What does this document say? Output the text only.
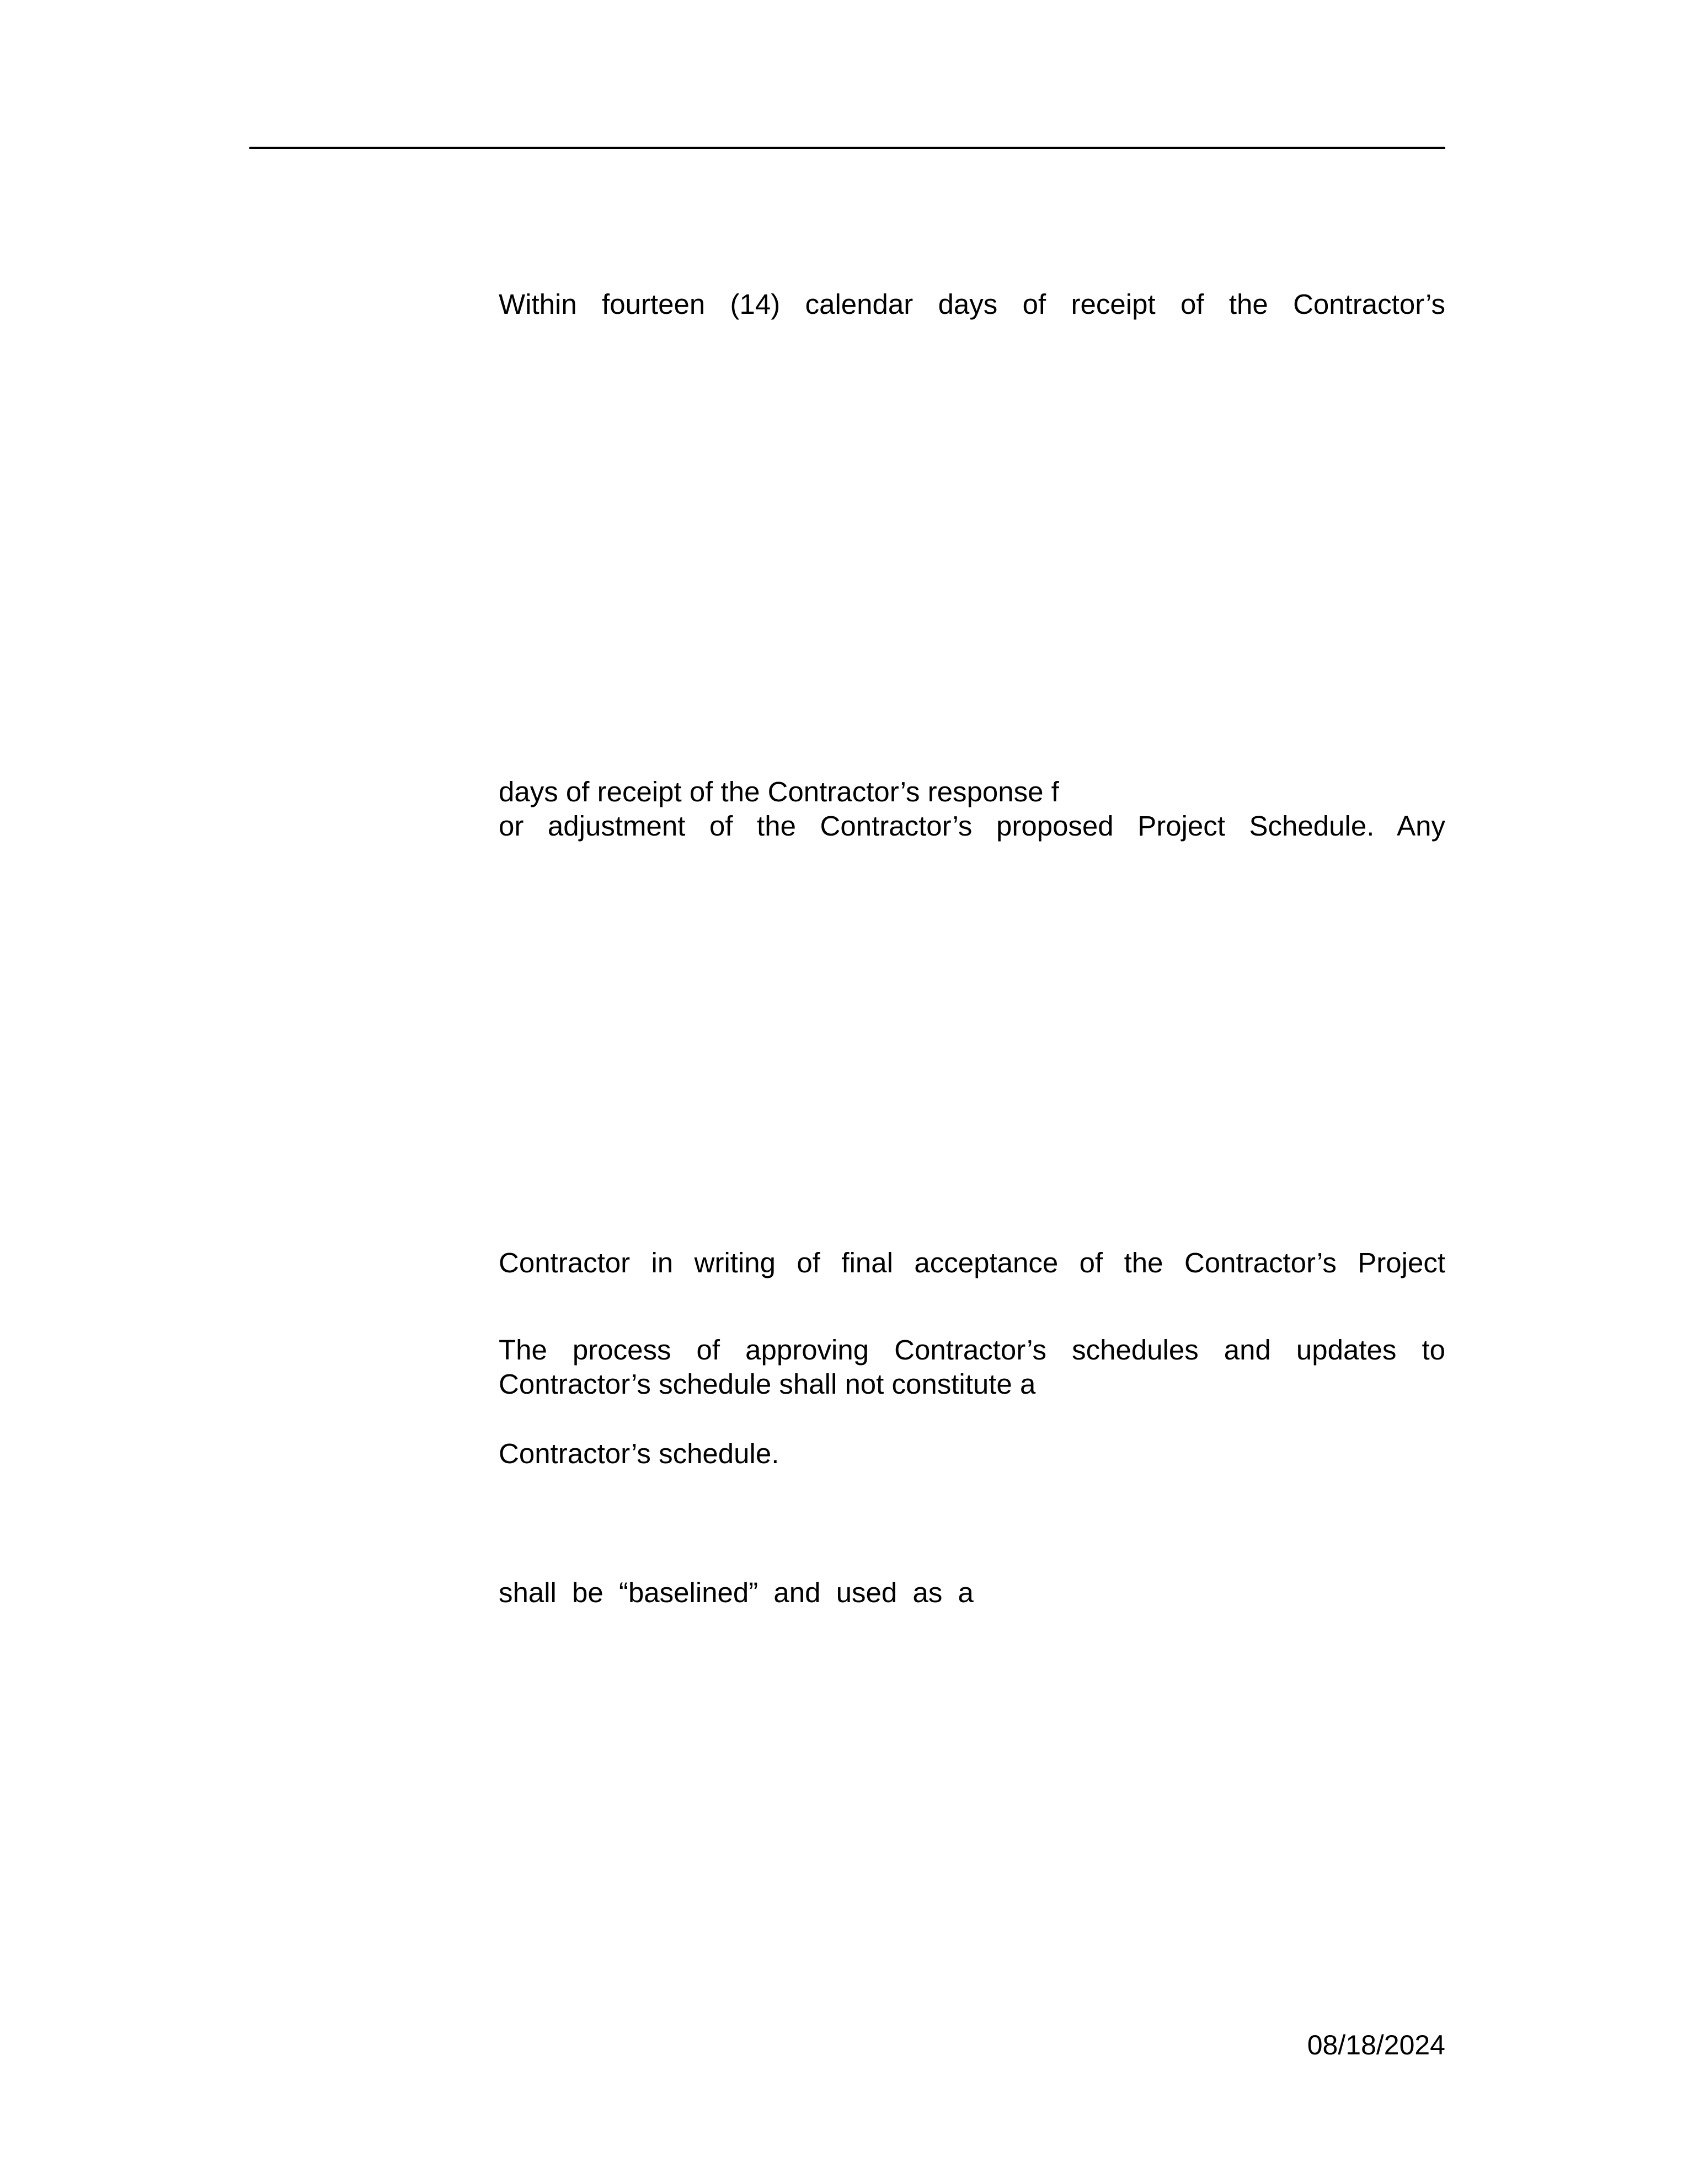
Within fourteen (14) calendar days of receipt of the Contractor’s

days of receipt of the Contractor’s response f

or adjustment of the Contractor’s proposed Project Schedule. Any

Contractor in writing of final acceptance of the Contractor’s Project

The process of approving Contractor’s schedules and updates to

Contractor’s schedule shall not constitute a

Contractor’s schedule.

shall be “baselined” and used as a

08/18/2024
